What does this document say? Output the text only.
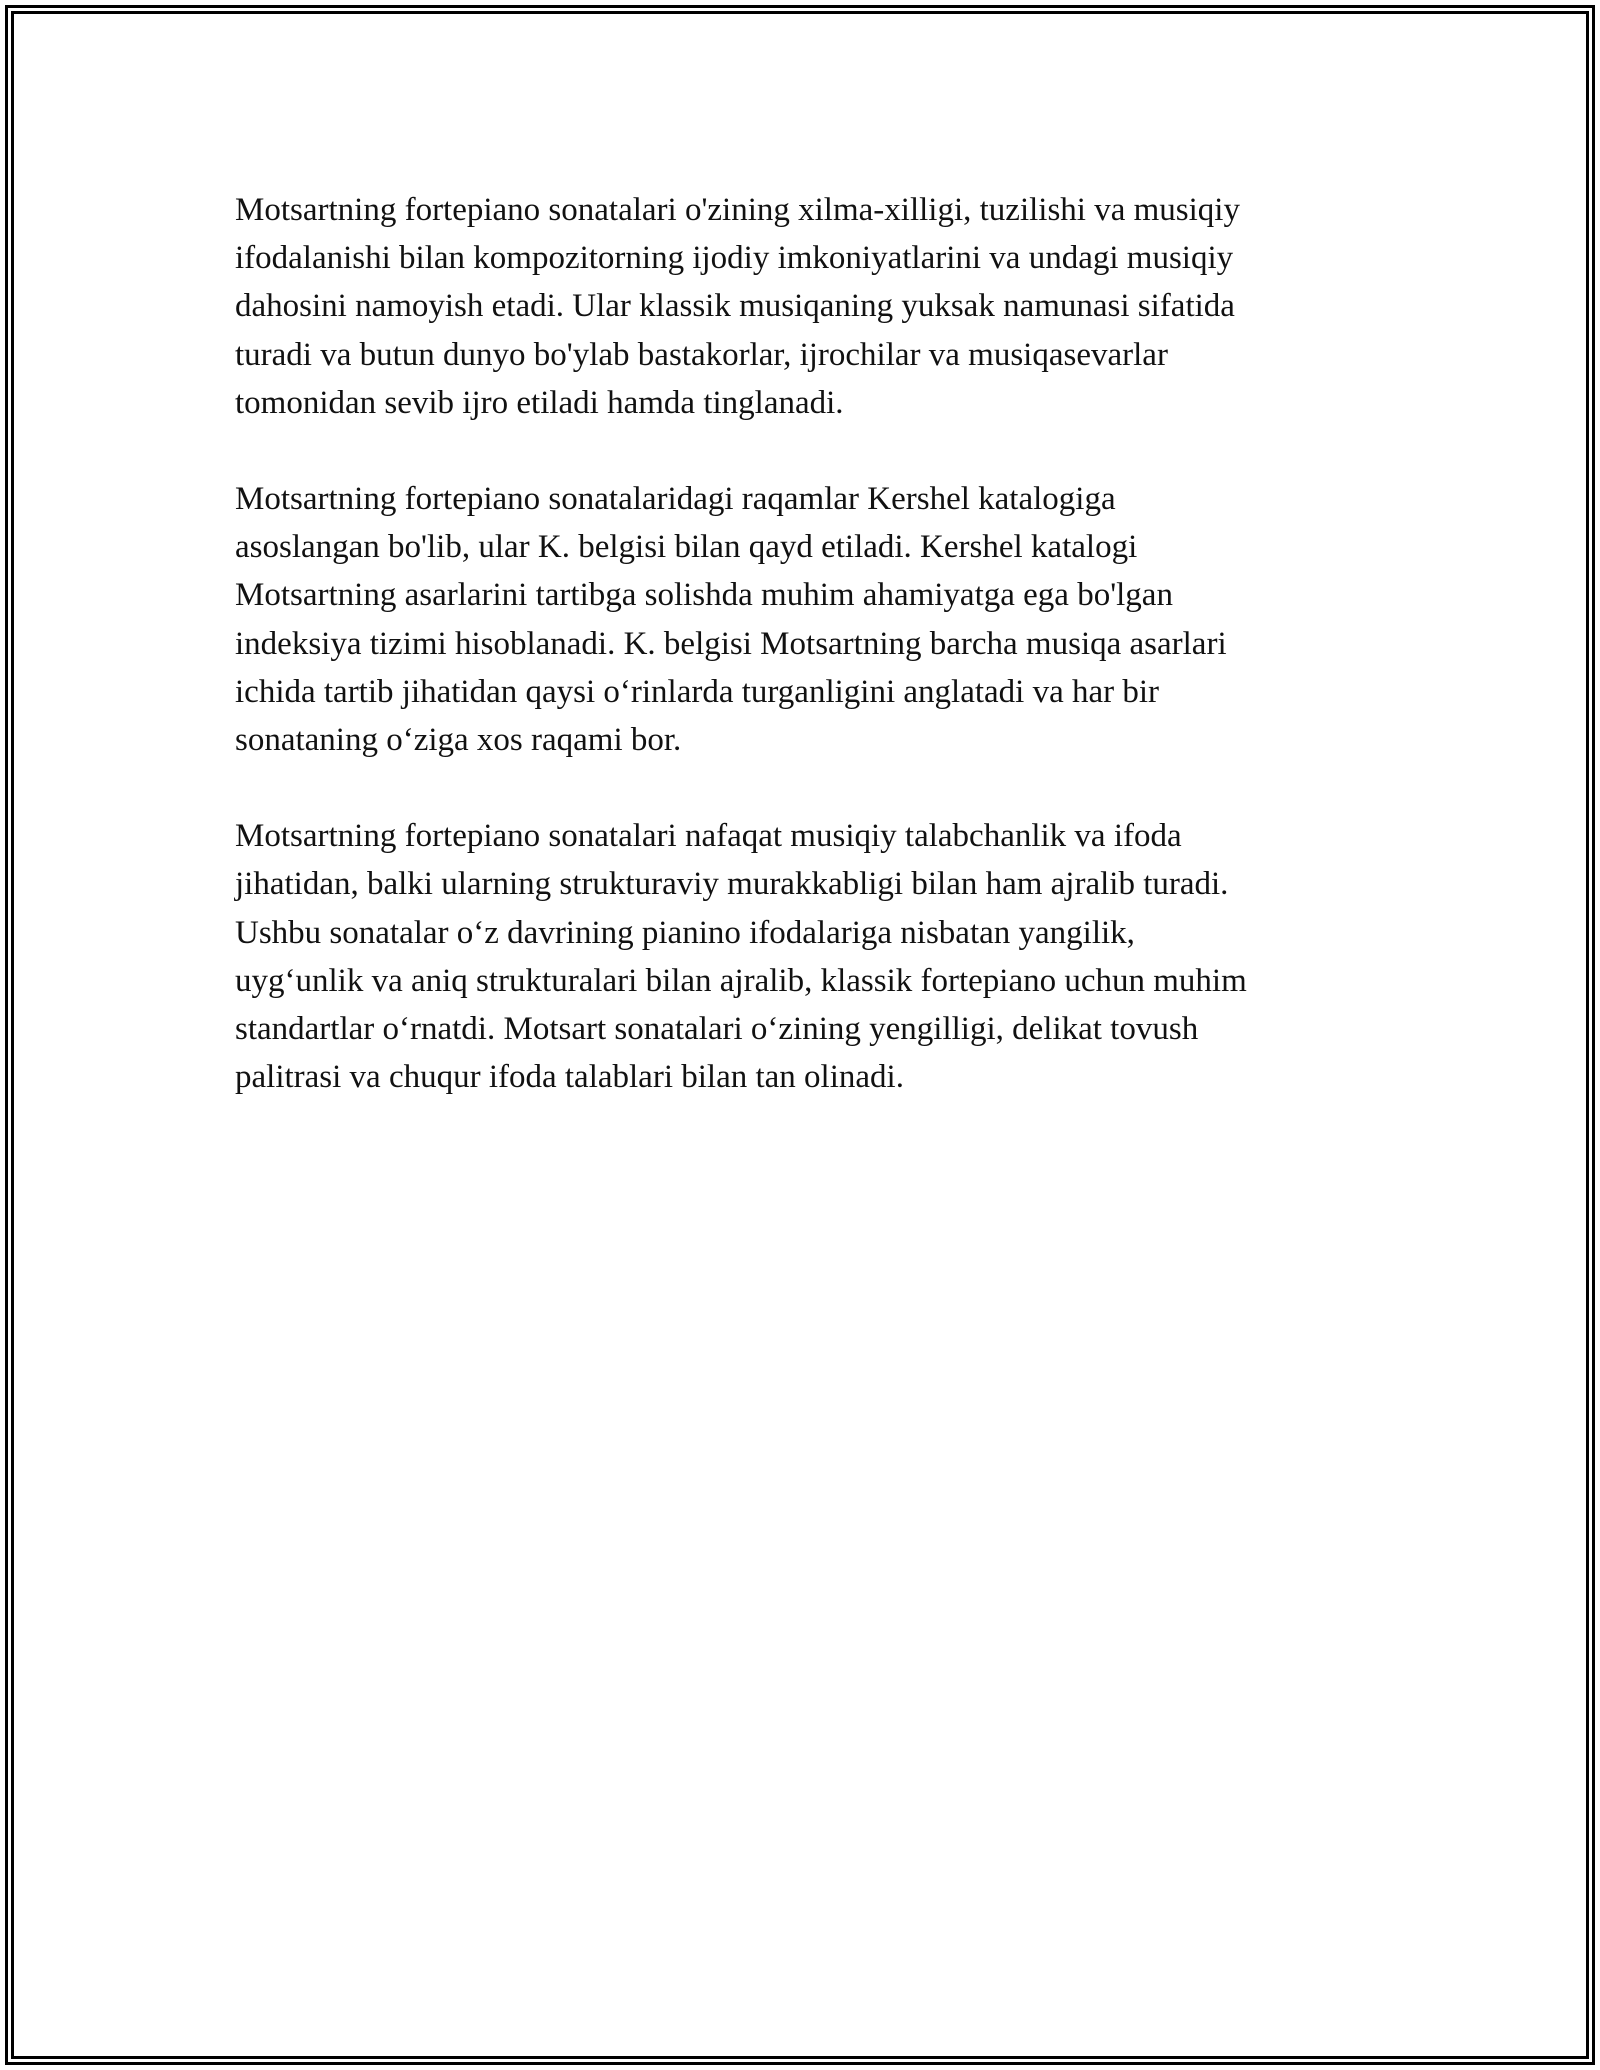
Motsartning fortepiano sonatalari o'zining xilma-xilligi, tuzilishi va musiqiy
ifodalanishi bilan kompozitorning ijodiy imkoniyatlarini va undagi musiqiy
dahosini namoyish etadi. Ular klassik musiqaning yuksak namunasi sifatida
turadi va butun dunyo bo'ylab bastakorlar, ijrochilar va musiqasevarlar
tomonidan sevib ijro etiladi hamda tinglanadi.

Motsartning fortepiano sonatalaridagi raqamlar Kershel katalogiga
asoslangan bo'lib, ular K. belgisi bilan qayd etiladi. Kershel katalogi
Motsartning asarlarini tartibga solishda muhim ahamiyatga ega bo'lgan
indeksiya tizimi hisoblanadi. K. belgisi Motsartning barcha musiqa asarlari
ichida tartib jihatidan qaysi o‘rinlarda turganligini anglatadi va har bir
sonataning o‘ziga xos raqami bor.

Motsartning fortepiano sonatalari nafaqat musiqiy talabchanlik va ifoda
jihatidan, balki ularning strukturaviy murakkabligi bilan ham ajralib turadi.
Ushbu sonatalar o‘z davrining pianino ifodalariga nisbatan yangilik,
uyg‘unlik va aniq strukturalari bilan ajralib, klassik fortepiano uchun muhim
standartlar o‘rnatdi. Motsart sonatalari o‘zining yengilligi, delikat tovush
palitrasi va chuqur ifoda talablari bilan tan olinadi.
